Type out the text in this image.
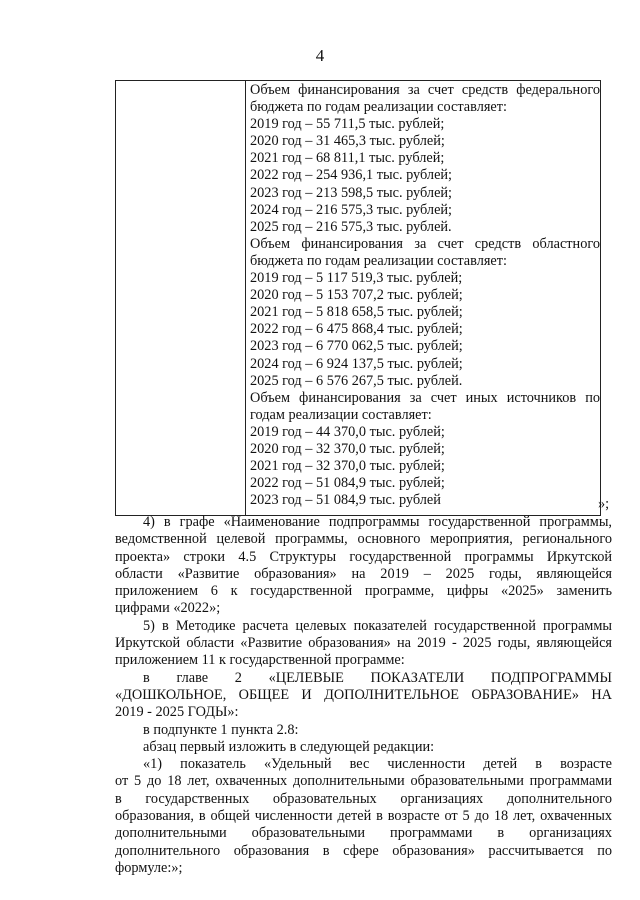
4

Объем финансирования за счет средств федерального
бюджета по годам реализации составляет:
2019 год – 55 711,5 тыс. рублей;
2020 год – 31 465,3 тыс. рублей;
2021 год – 68 811,1 тыс. рублей;
2022 год – 254 936,1 тыс. рублей;
2023 год – 213 598,5 тыс. рублей;
2024 год – 216 575,3 тыс. рублей;
2025 год – 216 575,3 тыс. рублей.
Объем финансирования за счет средств областного
бюджета по годам реализации составляет:
2019 год – 5 117 519,3 тыс. рублей;
2020 год – 5 153 707,2 тыс. рублей;
2021 год – 5 818 658,5 тыс. рублей;
2022 год – 6 475 868,4 тыс. рублей;
2023 год – 6 770 062,5 тыс. рублей;
2024 год – 6 924 137,5 тыс. рублей;
2025 год – 6 576 267,5 тыс. рублей.
Объем финансирования за счет иных источников по
годам реализации составляет:
2019 год – 44 370,0 тыс. рублей;
2020 год – 32 370,0 тыс. рублей;
2021 год – 32 370,0 тыс. рублей;
2022 год – 51 084,9 тыс. рублей;
2023 год – 51 084,9 тыс. рублей	»;
4) в графе «Наименование подпрограммы государственной программы,
ведомственной целевой программы, основного мероприятия, регионального
проекта» строки 4.5 Структуры государственной программы Иркутской
области «Развитие образования» на 2019 – 2025 годы, являющейся
приложением 6 к государственной программе, цифры «2025» заменить
цифрами «2022»;
5) в Методике расчета целевых показателей государственной программы
Иркутской области «Развитие образования» на 2019 - 2025 годы, являющейся
приложением 11 к государственной программе:
в главе 2 «ЦЕЛЕВЫЕ ПОКАЗАТЕЛИ ПОДПРОГРАММЫ
«ДОШКОЛЬНОЕ, ОБЩЕЕ И ДОПОЛНИТЕЛЬНОЕ ОБРАЗОВАНИЕ» НА
2019 - 2025 ГОДЫ»:
в подпункте 1 пункта 2.8:
абзац первый изложить в следующей редакции:
«1) показатель «Удельный вес численности детей в возрасте
от 5 до 18 лет, охваченных дополнительными образовательными программами
в государственных образовательных организациях дополнительного
образования, в общей численности детей в возрасте от 5 до 18 лет, охваченных
дополнительными образовательными программами в организациях
дополнительного образования в сфере образования» рассчитывается по
формуле:»;
